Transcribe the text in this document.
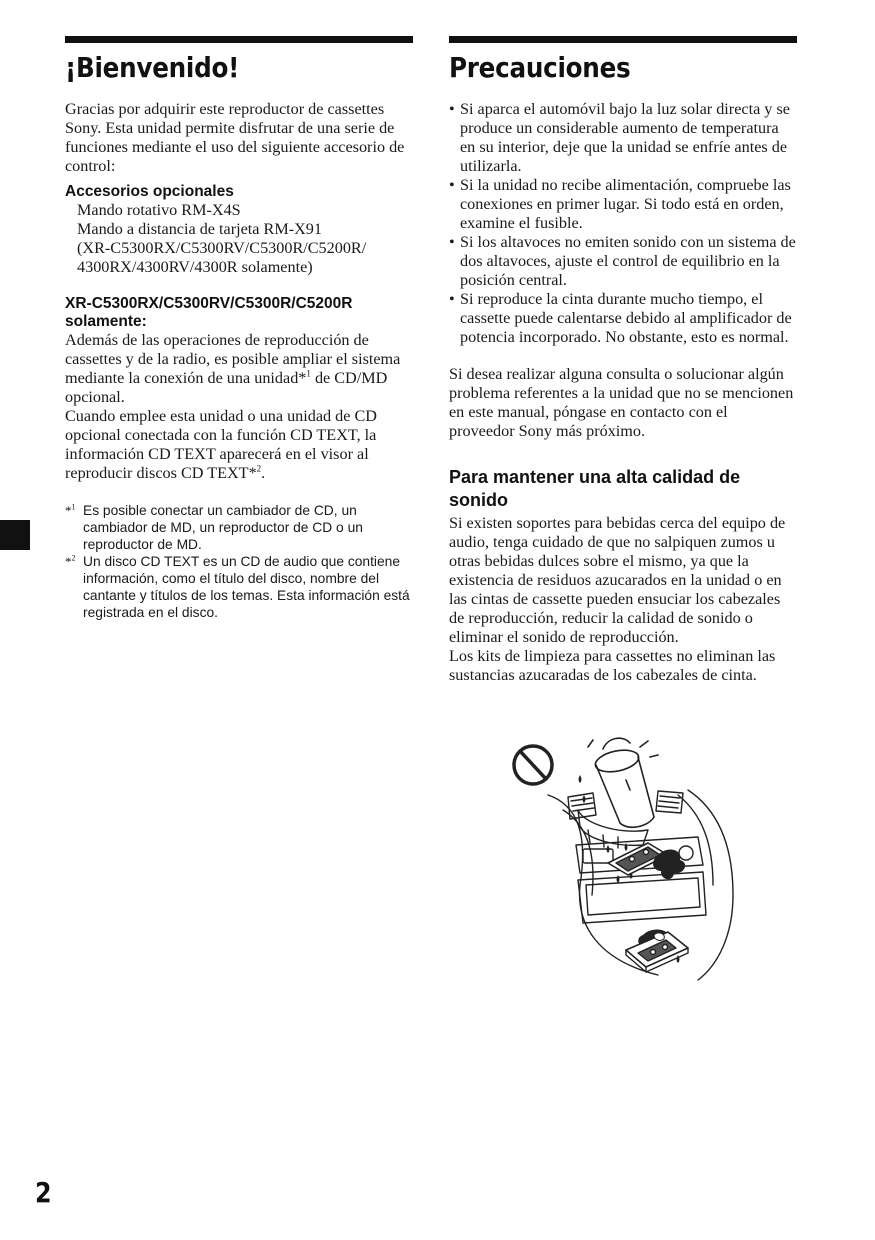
¡Bienvenido!

Gracias por adquirir este reproductor de cassettes Sony. Esta unidad permite disfrutar de una serie de funciones mediante el uso del siguiente accesorio de control:

Accesorios opcionales
Mando rotativo RM-X4S
Mando a distancia de tarjeta RM-X91
(XR-C5300RX/C5300RV/C5300R/C5200R/ 4300RX/4300RV/4300R solamente)
XR-C5300RX/C5300RV/C5300R/C5200R solamente:

Además de las operaciones de reproducción de cassettes y de la radio, es posible ampliar el sistema mediante la conexión de una unidad*$^1$ de CD/MD opcional.

Cuando emplee esta unidad o una unidad de CD opcional conectada con la función CD TEXT, la información CD TEXT aparecerá en el visor al reproducir discos CD TEXT*$^2$.

*$^1$ Es posible conectar un cambiador de CD, un cambiador de MD, un reproductor de CD o un reproductor de MD.

*$^2$ Un disco CD TEXT es un CD de audio que contiene información, como el título del disco, nombre del cantante y títulos de los temas. Esta información está registrada en el disco.

Precauciones
• Si aparca el automóvil bajo la luz solar directa y se produce un considerable aumento de temperatura en su interior, deje que la unidad se enfríe antes de utilizarla.
• Si la unidad no recibe alimentación, compruebe las conexiones en primer lugar. Si todo está en orden, examine el fusible.
• Si los altavoces no emiten sonido con un sistema de dos altavoces, ajuste el control de equilibrio en la posición central.
• Si reproduce la cinta durante mucho tiempo, el cassette puede calentarse debido al amplificador de potencia incorporado. No obstante, esto es normal.

Si desea realizar alguna consulta o solucionar algún problema referentes a la unidad que no se mencionen en este manual, póngase en contacto con el proveedor Sony más próximo.

Para mantener una alta calidad de sonido

Si existen soportes para bebidas cerca del equipo de audio, tenga cuidado de que no salpiquen zumos u otras bebidas dulces sobre el mismo, ya que la existencia de residuos azucarados en la unidad o en las cintas de cassette pueden ensuciar los cabezales de reproducción, reducir la calidad de sonido o eliminar el sonido de reproducción.

Los kits de limpieza para cassettes no eliminan las sustancias azucaradas de los cabezales de cinta.

2
